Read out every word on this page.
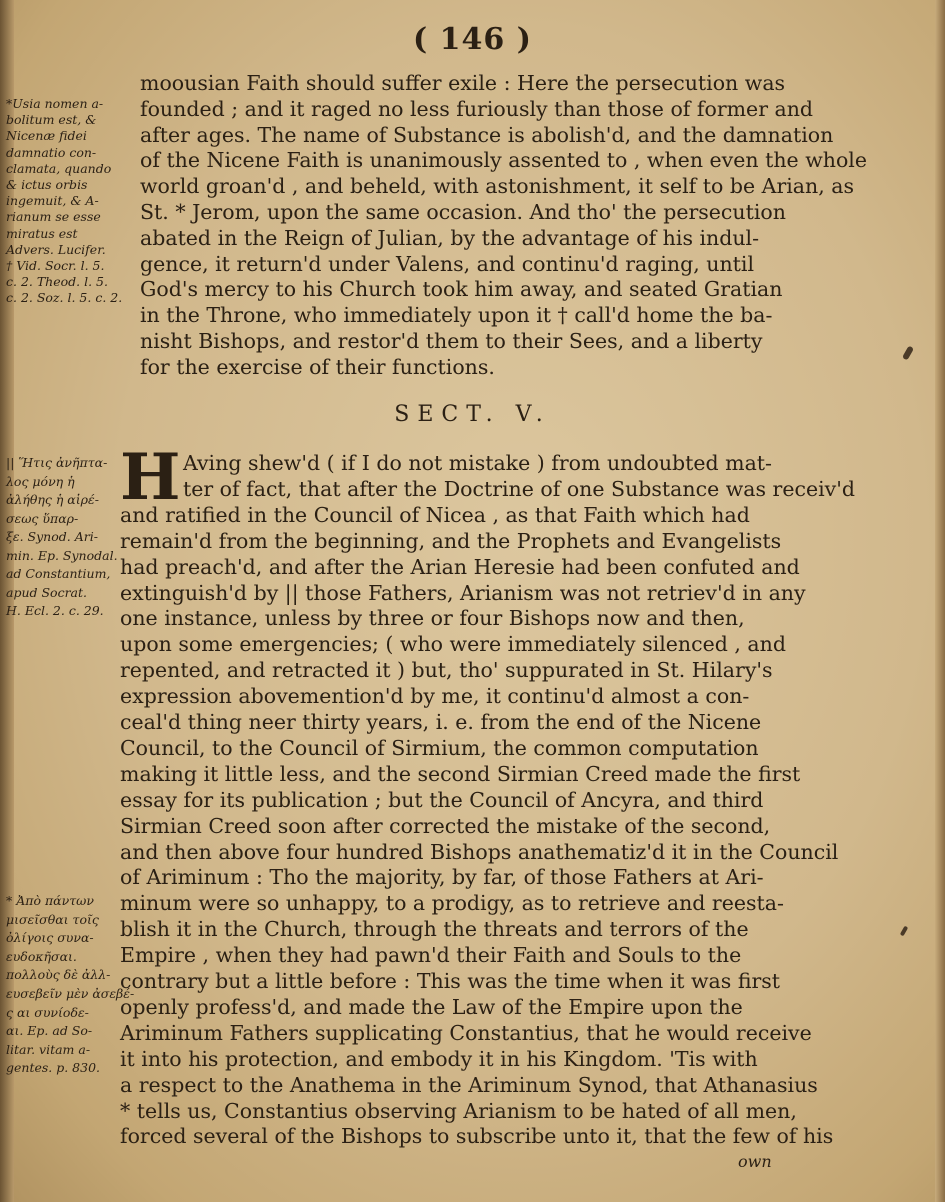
( 146 )
moousian Faith should suffer exile : Here the persecution was
founded ; and it raged no less furiously than those of former and
after ages. The name of Substance is abolish'd, and the damnation
of the Nicene Faith is unanimously assented to , when even the whole
world groan'd , and beheld, with astonishment, it self to be Arian, as
St. * Jerom, upon the same occasion. And tho' the persecution
abated in the Reign of Julian, by the advantage of his indul-
gence, it return'd under Valens, and continu'd raging, until
God's mercy to his Church took him away, and seated Gratian
in the Throne, who immediately upon it † call'd home the ba-
nisht Bishops, and restor'd them to their Sees, and a liberty
for the exercise of their functions.
*Usia nomen a-
bolitum est, &
Nicenæ fidei
damnatio con-
clamata, quando
& ictus orbis
ingemuit, & A-
rianum se esse
miratus est
Advers. Lucifer.
† Vid. Socr. l. 5.
c. 2. Theod. l. 5.
c. 2. Soz. l. 5. c. 2.
SECT. V.
H Aving shew'd ( if I do not mistake ) from undoubted mat-
ter of fact, that after the Doctrine of one Substance was receiv'd
and ratified in the Council of Nicea , as that Faith which had
remain'd from the beginning, and the Prophets and Evangelists
had preach'd, and after the Arian Heresie had been confuted and
extinguish'd by || those Fathers, Arianism was not retriev'd in any
one instance, unless by three or four Bishops now and then,
upon some emergencies; ( who were immediately silenced , and
repented, and retracted it ) but, tho' suppurated in St. Hilary's
expression abovemention'd by me, it continu'd almost a con-
ceal'd thing neer thirty years, i. e. from the end of the Nicene
Council, to the Council of Sirmium, the common computation
making it little less, and the second Sirmian Creed made the first
essay for its publication ; but the Council of Ancyra, and third
Sirmian Creed soon after corrected the mistake of the second,
and then above four hundred Bishops anathematiz'd it in the Council
of Ariminum : Tho the majority, by far, of those Fathers at Ari-
minum were so unhappy, to a prodigy, as to retrieve and reesta-
blish it in the Church, through the threats and terrors of the
Empire , when they had pawn'd their Faith and Souls to the
contrary but a little before : This was the time when it was first
openly profess'd, and made the Law of the Empire upon the
Ariminum Fathers supplicating Constantius, that he would receive
it into his protection, and embody it in his Kingdom. 'Tis with
a respect to the Anathema in the Ariminum Synod, that Athanasius
* tells us, Constantius observing Arianism to be hated of all men,
forced several of the Bishops to subscribe unto it, that the few of his
|| Ἥτις ἀνῆπτα-
λος μόνη ἡ
ἀλήθης ἡ αἱρέ-
σεως ὕπαρ-
ξε. Synod. Ari-
min. Ep. Synodal.
ad Constantium,
apud Socrat.
H. Ecl. 2. c. 29.
* Ἀπὸ πάντων
μισεῖσθαι τοῖς
ὀλίγοις συνα-
ευδοκῆσαι.
πολλοὺς δὲ ἀλλ-
ευσεβεῖν μὲν ἀσεβέ-
ς αι συνίοδε-
αι. Ep. ad So-
litar. vitam a-
gentes. p. 830.
own
